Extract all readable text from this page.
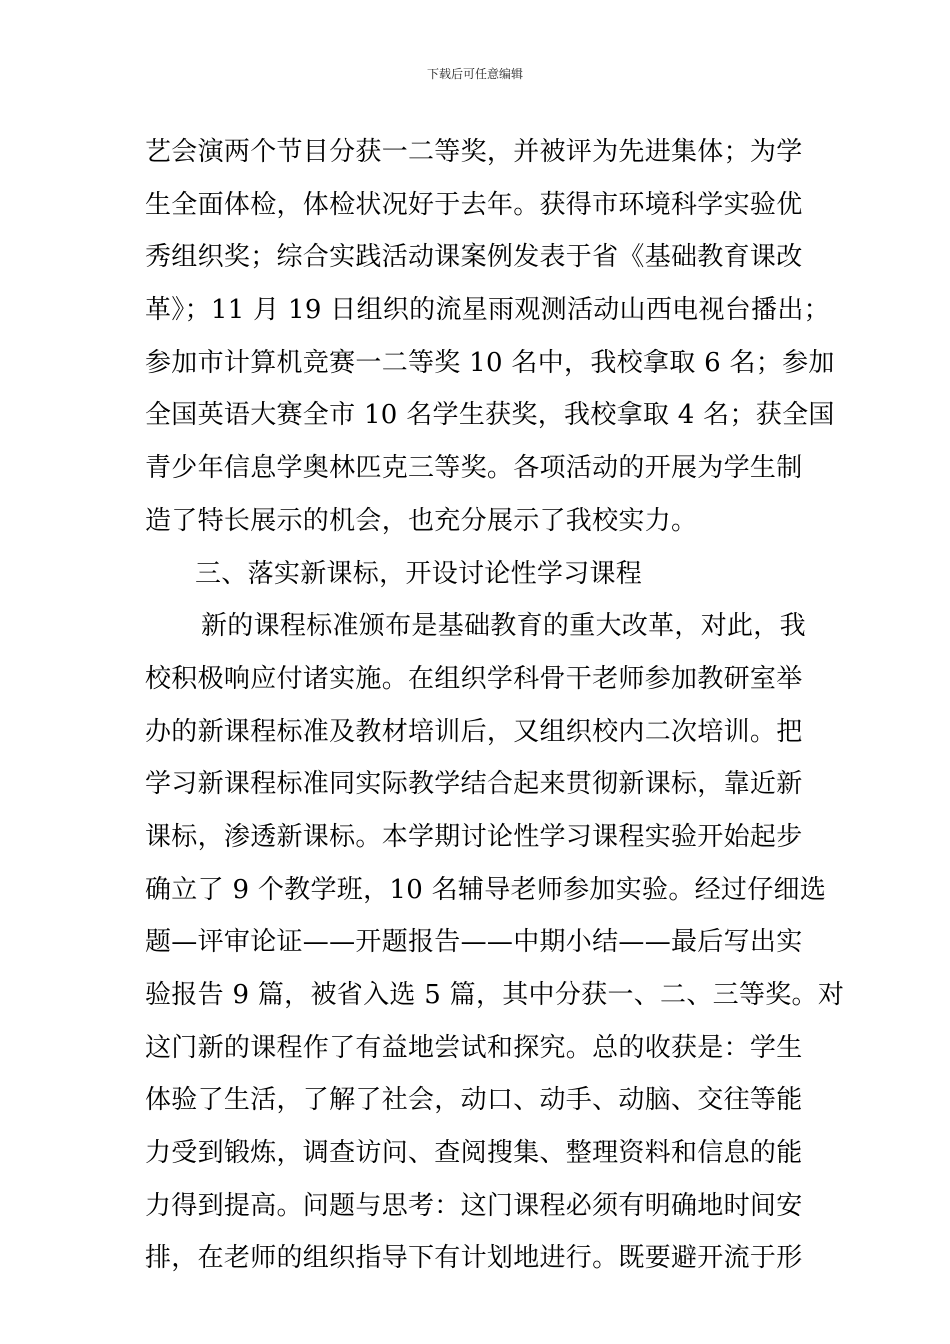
下载后可任意编辑
艺会演两个节目分获一二等奖，并被评为先进集体；为学
生全面体检，体检状况好于去年。获得市环境科学实验优
秀组织奖；综合实践活动课案例发表于省《基础教育课改
革》；11 月 19 日组织的流星雨观测活动山西电视台播出；
参加市计算机竞赛一二等奖 10 名中，我校拿取 6 名；参加
全国英语大赛全市 10 名学生获奖，我校拿取 4 名；获全国
青少年信息学奥林匹克三等奖。各项活动的开展为学生制
造了特长展示的机会，也充分展示了我校实力。
三、落实新课标，开设讨论性学习课程
新的课程标准颁布是基础教育的重大改革，对此，我
校积极响应付诸实施。在组织学科骨干老师参加教研室举
办的新课程标准及教材培训后，又组织校内二次培训。把
学习新课程标准同实际教学结合起来贯彻新课标，靠近新
课标，渗透新课标。本学期讨论性学习课程实验开始起步
确立了 9 个教学班，10 名辅导老师参加实验。经过仔细选
题—评审论证——开题报告——中期小结——最后写出实
验报告 9 篇，被省入选 5 篇，其中分获一、二、三等奖。对
这门新的课程作了有益地尝试和探究。总的收获是：学生
体验了生活，了解了社会，动口、动手、动脑、交往等能
力受到锻炼，调查访问、查阅搜集、整理资料和信息的能
力得到提高。问题与思考：这门课程必须有明确地时间安
排，在老师的组织指导下有计划地进行。既要避开流于形
